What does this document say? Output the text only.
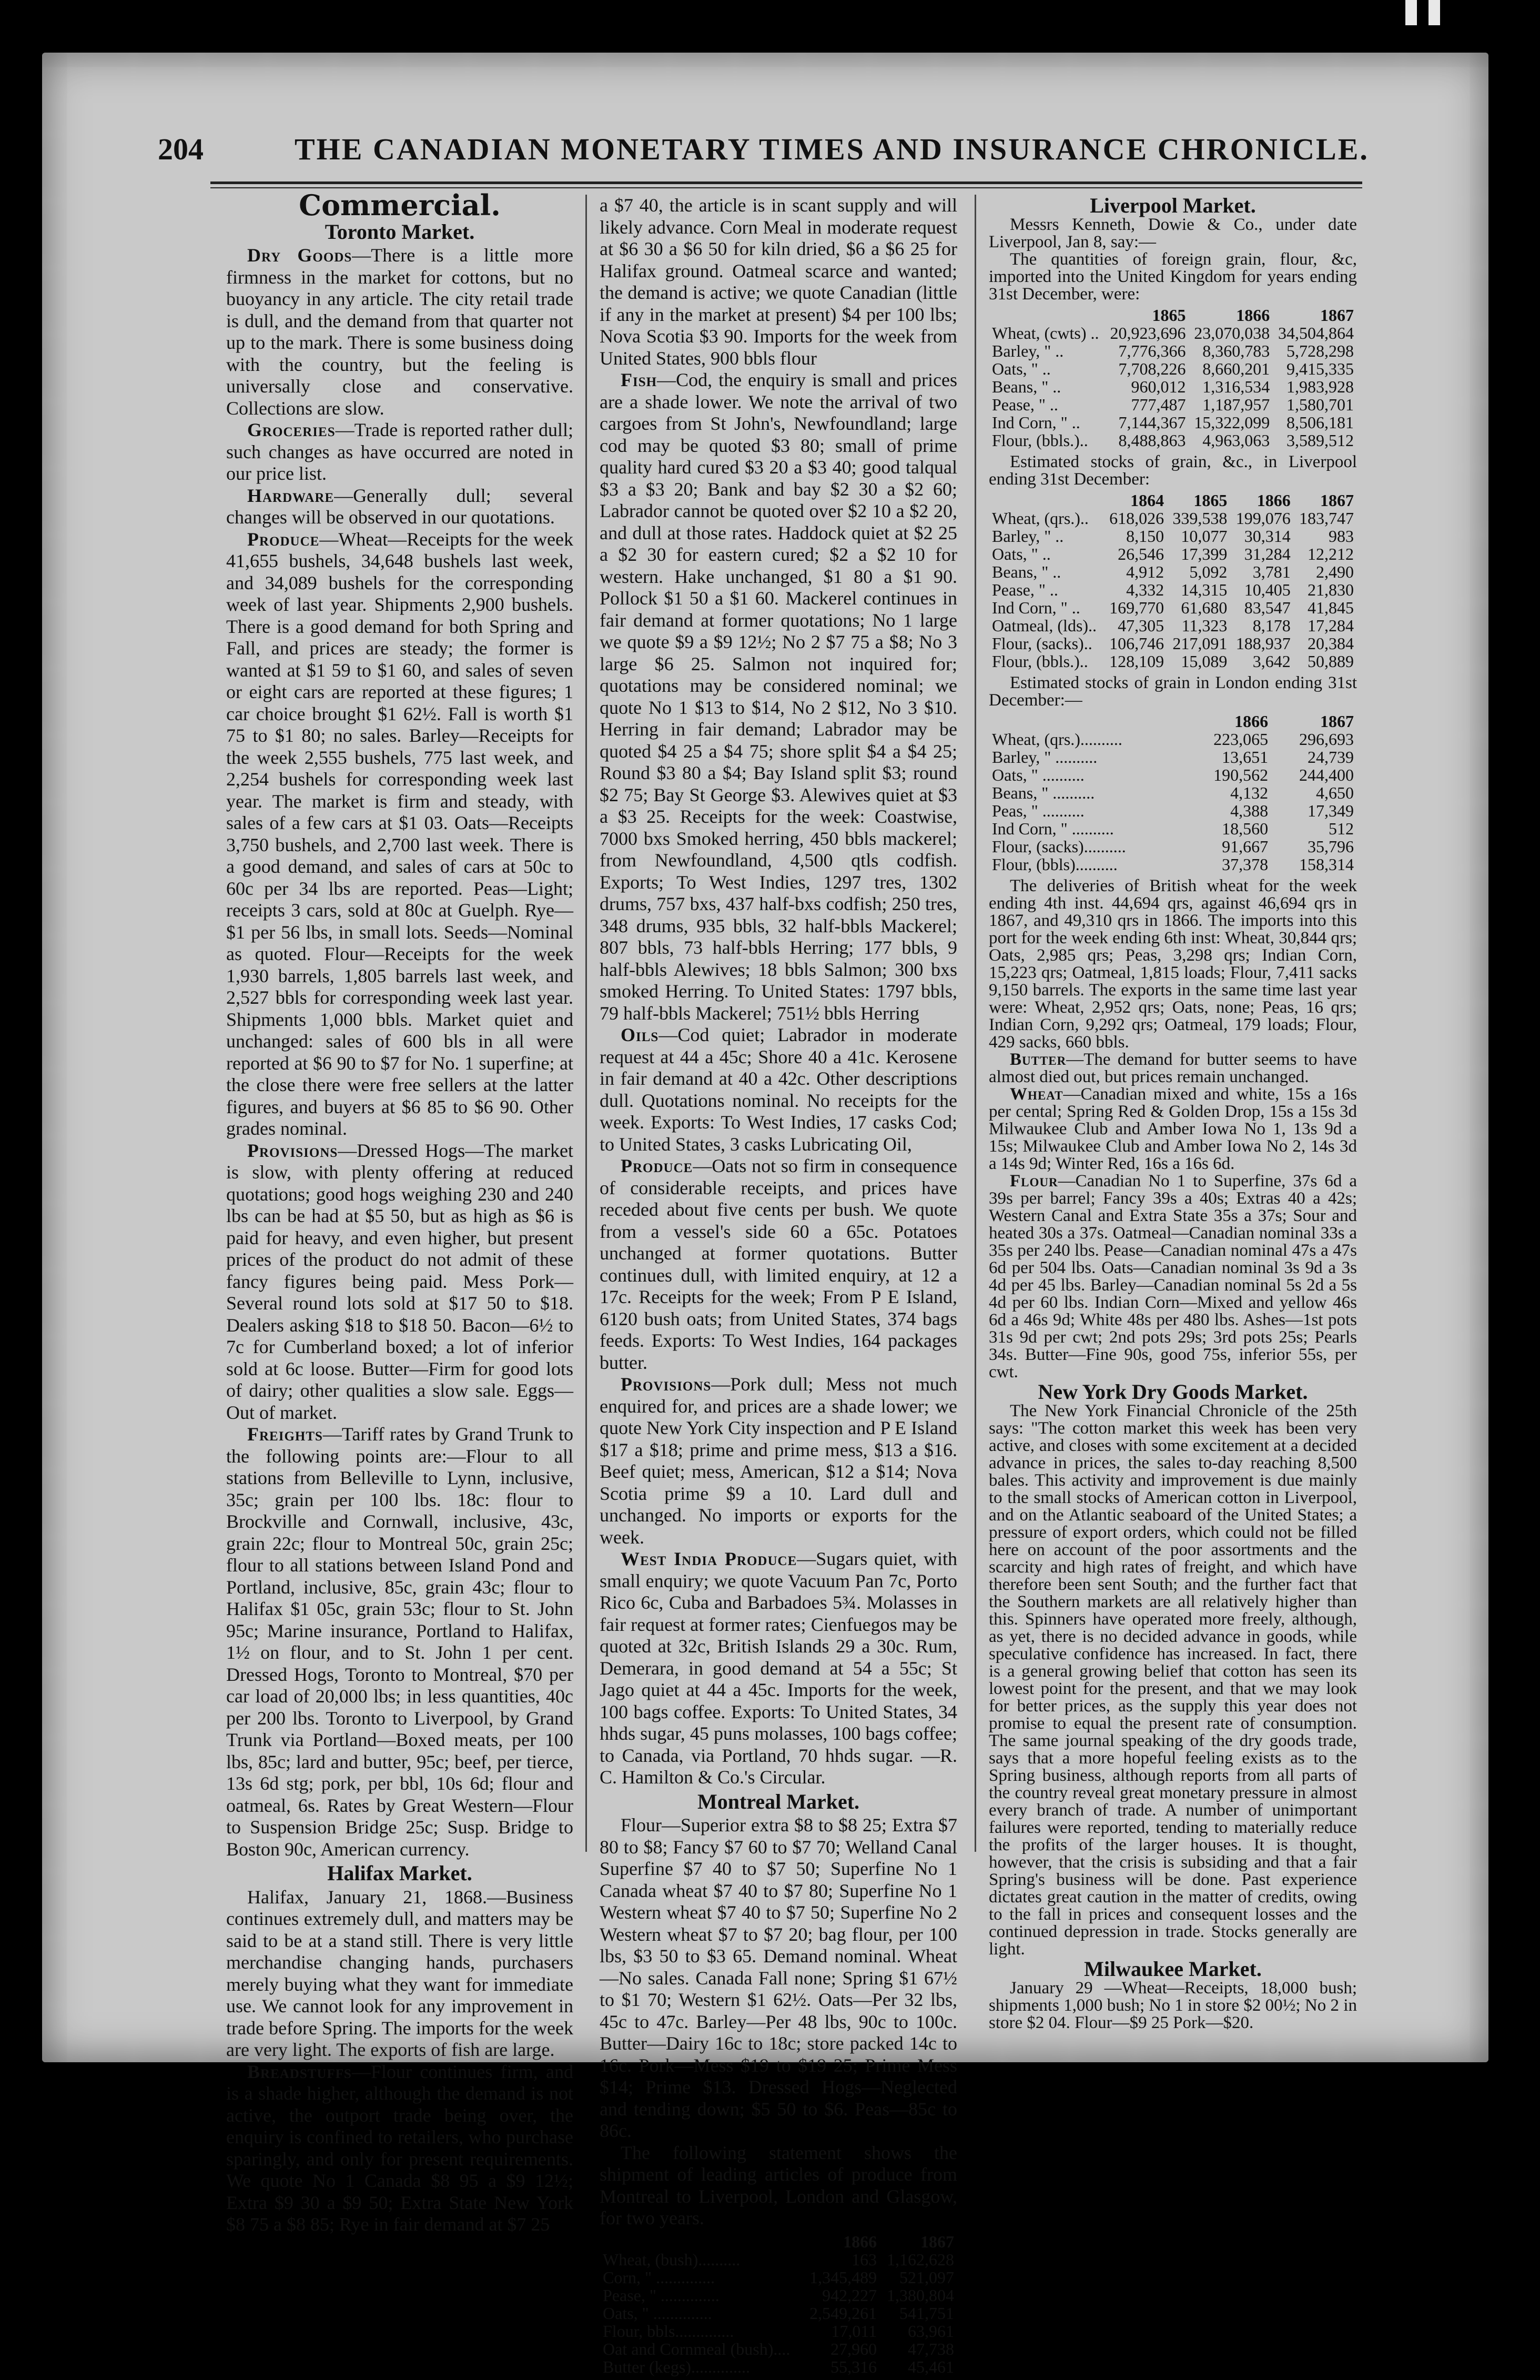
204	THE CANADIAN MONETARY TIMES AND INSURANCE CHRONICLE.
Commercial.
Toronto Market.

Dry Goods—There is a little more firmness in the market for cottons, but no buoyancy in any article. The city retail trade is dull, and the demand from that quarter not up to the mark. There is some business doing with the country, but the feeling is universally close and conservative. Collections are slow.

Groceries—Trade is reported rather dull; such changes as have occurred are noted in our price list.

Hardware—Generally dull; several changes will be observed in our quotations.

Produce—Wheat—Receipts for the week 41,655 bushels, 34,648 bushels last week, and 34,089 bushels for the corresponding week of last year. Shipments 2,900 bushels. There is a good demand for both Spring and Fall, and prices are steady; the former is wanted at $1 59 to $1 60, and sales of seven or eight cars are reported at these figures; 1 car choice brought $1 62½. Fall is worth $1 75 to $1 80; no sales. Barley—Receipts for the week 2,555 bushels, 775 last week, and 2,254 bushels for corresponding week last year. The market is firm and steady, with sales of a few cars at $1 03. Oats—Receipts 3,750 bushels, and 2,700 last week. There is a good demand, and sales of cars at 50c to 60c per 34 lbs are reported. Peas—Light; receipts 3 cars, sold at 80c at Guelph. Rye—$1 per 56 lbs, in small lots. Seeds—Nominal as quoted. Flour—Receipts for the week 1,930 barrels, 1,805 barrels last week, and 2,527 bbls for corresponding week last year. Shipments 1,000 bbls. Market quiet and unchanged: sales of 600 bls in all were reported at $6 90 to $7 for No. 1 superfine; at the close there were free sellers at the latter figures, and buyers at $6 85 to $6 90. Other grades nominal.

Provisions—Dressed Hogs—The market is slow, with plenty offering at reduced quotations; good hogs weighing 230 and 240 lbs can be had at $5 50, but as high as $6 is paid for heavy, and even higher, but present prices of the product do not admit of these fancy figures being paid. Mess Pork—Several round lots sold at $17 50 to $18. Dealers asking $18 to $18 50. Bacon—6½ to 7c for Cumberland boxed; a lot of inferior sold at 6c loose. Butter—Firm for good lots of dairy; other qualities a slow sale. Eggs—Out of market.

Freights—Tariff rates by Grand Trunk to the following points are:—Flour to all stations from Belleville to Lynn, inclusive, 35c; grain per 100 lbs. 18c: flour to Brockville and Cornwall, inclusive, 43c, grain 22c; flour to Montreal 50c, grain 25c; flour to all stations between Island Pond and Portland, inclusive, 85c, grain 43c; flour to Halifax $1 05c, grain 53c; flour to St. John 95c; Marine insurance, Portland to Halifax, 1½ on flour, and to St. John 1 per cent. Dressed Hogs, Toronto to Montreal, $70 per car load of 20,000 lbs; in less quantities, 40c per 200 lbs. Toronto to Liverpool, by Grand Trunk via Portland—Boxed meats, per 100 lbs, 85c; lard and butter, 95c; beef, per tierce, 13s 6d stg; pork, per bbl, 10s 6d; flour and oatmeal, 6s. Rates by Great Western—Flour to Suspension Bridge 25c; Susp. Bridge to Boston 90c, American currency.

Halifax Market.

Halifax, January 21, 1868.—Business continues extremely dull, and matters may be said to be at a stand still. There is very little merchandise changing hands, purchasers merely buying what they want for immediate use. We cannot look for any improvement in trade before Spring. The imports for the week are very light. The exports of fish are large.

Breadstuffs—Flour continues firm, and is a shade higher, although the demand is not active, the outport trade being over, the enquiry is confined to retailers, who purchase sparingly, and only for present requirements. We quote No 1 Canada $8 95 a $9 12½; Extra $9 30 a $9 50; Extra State New York $8 75 a $8 85; Rye in fair demand at $7 25

a $7 40, the article is in scant supply and will likely advance. Corn Meal in moderate request at $6 30 a $6 50 for kiln dried, $6 a $6 25 for Halifax ground. Oatmeal scarce and wanted; the demand is active; we quote Canadian (little if any in the market at present) $4 per 100 lbs; Nova Scotia $3 90. Imports for the week from United States, 900 bbls flour

Fish—Cod, the enquiry is small and prices are a shade lower. We note the arrival of two cargoes from St John's, Newfoundland; large cod may be quoted $3 80; small of prime quality hard cured $3 20 a $3 40; good talqual $3 a $3 20; Bank and bay $2 30 a $2 60; Labrador cannot be quoted over $2 10 a $2 20, and dull at those rates. Haddock quiet at $2 25 a $2 30 for eastern cured; $2 a $2 10 for western. Hake unchanged, $1 80 a $1 90. Pollock $1 50 a $1 60. Mackerel continues in fair demand at former quotations; No 1 large we quote $9 a $9 12½; No 2 $7 75 a $8; No 3 large $6 25. Salmon not inquired for; quotations may be considered nominal; we quote No 1 $13 to $14, No 2 $12, No 3 $10. Herring in fair demand; Labrador may be quoted $4 25 a $4 75; shore split $4 a $4 25; Round $3 80 a $4; Bay Island split $3; round $2 75; Bay St George $3. Alewives quiet at $3 a $3 25. Receipts for the week: Coastwise, 7000 bxs Smoked herring, 450 bbls mackerel; from Newfoundland, 4,500 qtls codfish. Exports; To West Indies, 1297 tres, 1302 drums, 757 bxs, 437 half-bxs codfish; 250 tres, 348 drums, 935 bbls, 32 half-bbls Mackerel; 807 bbls, 73 half-bbls Herring; 177 bbls, 9 half-bbls Alewives; 18 bbls Salmon; 300 bxs smoked Herring. To United States: 1797 bbls, 79 half-bbls Mackerel; 751½ bbls Herring

Oils—Cod quiet; Labrador in moderate request at 44 a 45c; Shore 40 a 41c. Kerosene in fair demand at 40 a 42c. Other descriptions dull. Quotations nominal. No receipts for the week. Exports: To West Indies, 17 casks Cod; to United States, 3 casks Lubricating Oil,

Produce—Oats not so firm in consequence of considerable receipts, and prices have receded about five cents per bush. We quote from a vessel's side 60 a 65c. Potatoes unchanged at former quotations. Butter continues dull, with limited enquiry, at 12 a 17c. Receipts for the week; From P E Island, 6120 bush oats; from United States, 374 bags feeds. Exports: To West Indies, 164 packages butter.

Provisions—Pork dull; Mess not much enquired for, and prices are a shade lower; we quote New York City inspection and P E Island $17 a $18; prime and prime mess, $13 a $16. Beef quiet; mess, American, $12 a $14; Nova Scotia prime $9 a 10. Lard dull and unchanged. No imports or exports for the week.

West India Produce—Sugars quiet, with small enquiry; we quote Vacuum Pan 7c, Porto Rico 6c, Cuba and Barbadoes 5¾. Molasses in fair request at former rates; Cienfuegos may be quoted at 32c, British Islands 29 a 30c. Rum, Demerara, in good demand at 54 a 55c; St Jago quiet at 44 a 45c. Imports for the week, 100 bags coffee. Exports: To United States, 34 hhds sugar, 45 puns molasses, 100 bags coffee; to Canada, via Portland, 70 hhds sugar. —R. C. Hamilton & Co.'s Circular.

Montreal Market.

Flour—Superior extra $8 to $8 25; Extra $7 80 to $8; Fancy $7 60 to $7 70; Welland Canal Superfine $7 40 to $7 50; Superfine No 1 Canada wheat $7 40 to $7 80; Superfine No 1 Western wheat $7 40 to $7 50; Superfine No 2 Western wheat $7 to $7 20; bag flour, per 100 lbs, $3 50 to $3 65. Demand nominal. Wheat—No sales. Canada Fall none; Spring $1 67½ to $1 70; Western $1 62½. Oats—Per 32 lbs, 45c to 47c. Barley—Per 48 lbs, 90c to 100c. Butter—Dairy 16c to 18c; store packed 14c to 16c. Pork—Mess $19 to $19 25; Prime Mess $14; Prime $13. Dressed Hogs—Neglected and tending down; $5 50 to $6. Peas—85c to 86c.

The following statement shows the shipment of leading articles of produce from Montreal to Liverpool, London and Glasgow, for two years.

	1866	1867
Wheat, (bush)..........	163	1,162,628
Corn, " ..............	1,345,489	521,097
Pease, " ..............	942,227	1,380,804
Oats, " ..............	2,549,261	541,751
Flour, bbls..............	17,011	63,961
Oat and Cornmeal (bush)....	27,960	47,738
Butter (kegs)..............	55,316	45,461
Liverpool Market.

Messrs Kenneth, Dowie & Co., under date Liverpool, Jan 8, say:—

The quantities of foreign grain, flour, &c, imported into the United Kingdom for years ending 31st December, were:

	1865	1866	1867
Wheat, (cwts) ..	20,923,696	23,070,038	34,504,864
Barley, " ..	7,776,366	8,360,783	5,728,298
Oats, " ..	7,708,226	8,660,201	9,415,335
Beans, " ..	960,012	1,316,534	1,983,928
Pease, " ..	777,487	1,187,957	1,580,701
Ind Corn, " ..	7,144,367	15,322,099	8,506,181
Flour, (bbls.)..	8,488,863	4,963,063	3,589,512

Estimated stocks of grain, &c., in Liverpool ending 31st December:

	1864	1865	1866	1867
Wheat, (qrs.)..	618,026	339,538	199,076	183,747
Barley, " ..	8,150	10,077	30,314	983
Oats, " ..	26,546	17,399	31,284	12,212
Beans, " ..	4,912	5,092	3,781	2,490
Pease, " ..	4,332	14,315	10,405	21,830
Ind Corn, " ..	169,770	61,680	83,547	41,845
Oatmeal, (lds)..	47,305	11,323	8,178	17,284
Flour, (sacks)..	106,746	217,091	188,937	20,384
Flour, (bbls.)..	128,109	15,089	3,642	50,889

Estimated stocks of grain in London ending 31st December:—

	1866	1867
Wheat, (qrs.)..........	223,065	296,693
Barley, " ..........	13,651	24,739
Oats, " ..........	190,562	244,400
Beans, " ..........	4,132	4,650
Peas, " ..........	4,388	17,349
Ind Corn, " ..........	18,560	512
Flour, (sacks)..........	91,667	35,796
Flour, (bbls)..........	37,378	158,314

The deliveries of British wheat for the week ending 4th inst. 44,694 qrs, against 46,694 qrs in 1867, and 49,310 qrs in 1866. The imports into this port for the week ending 6th inst: Wheat, 30,844 qrs; Oats, 2,985 qrs; Peas, 3,298 qrs; Indian Corn, 15,223 qrs; Oatmeal, 1,815 loads; Flour, 7,411 sacks 9,150 barrels. The exports in the same time last year were: Wheat, 2,952 qrs; Oats, none; Peas, 16 qrs; Indian Corn, 9,292 qrs; Oatmeal, 179 loads; Flour, 429 sacks, 660 bbls.

Butter—The demand for butter seems to have almost died out, but prices remain unchanged.

Wheat—Canadian mixed and white, 15s a 16s per cental; Spring Red & Golden Drop, 15s a 15s 3d Milwaukee Club and Amber Iowa No 1, 13s 9d a 15s; Milwaukee Club and Amber Iowa No 2, 14s 3d a 14s 9d; Winter Red, 16s a 16s 6d.

Flour—Canadian No 1 to Superfine, 37s 6d a 39s per barrel; Fancy 39s a 40s; Extras 40 a 42s; Western Canal and Extra State 35s a 37s; Sour and heated 30s a 37s. Oatmeal—Canadian nominal 33s a 35s per 240 lbs. Pease—Canadian nominal 47s a 47s 6d per 504 lbs. Oats—Canadian nominal 3s 9d a 3s 4d per 45 lbs. Barley—Canadian nominal 5s 2d a 5s 4d per 60 lbs. Indian Corn—Mixed and yellow 46s 6d a 46s 9d; White 48s per 480 lbs. Ashes—1st pots 31s 9d per cwt; 2nd pots 29s; 3rd pots 25s; Pearls 34s. Butter—Fine 90s, good 75s, inferior 55s, per cwt.

New York Dry Goods Market.

The New York Financial Chronicle of the 25th says: "The cotton market this week has been very active, and closes with some excitement at a decided advance in prices, the sales to-day reaching 8,500 bales. This activity and improvement is due mainly to the small stocks of American cotton in Liverpool, and on the Atlantic seaboard of the United States; a pressure of export orders, which could not be filled here on account of the poor assortments and the scarcity and high rates of freight, and which have therefore been sent South; and the further fact that the Southern markets are all relatively higher than this. Spinners have operated more freely, although, as yet, there is no decided advance in goods, while speculative confidence has increased. In fact, there is a general growing belief that cotton has seen its lowest point for the present, and that we may look for better prices, as the supply this year does not promise to equal the present rate of consumption. The same journal speaking of the dry goods trade, says that a more hopeful feeling exists as to the Spring business, although reports from all parts of the country reveal great monetary pressure in almost every branch of trade. A number of unimportant failures were reported, tending to materially reduce the profits of the larger houses. It is thought, however, that the crisis is subsiding and that a fair Spring's business will be done. Past experience dictates great caution in the matter of credits, owing to the fall in prices and consequent losses and the continued depression in trade. Stocks generally are light.

Milwaukee Market.

January 29 —Wheat—Receipts, 18,000 bush; shipments 1,000 bush; No 1 in store $2 00½; No 2 in store $2 04. Flour—$9 25 Pork—$20.
